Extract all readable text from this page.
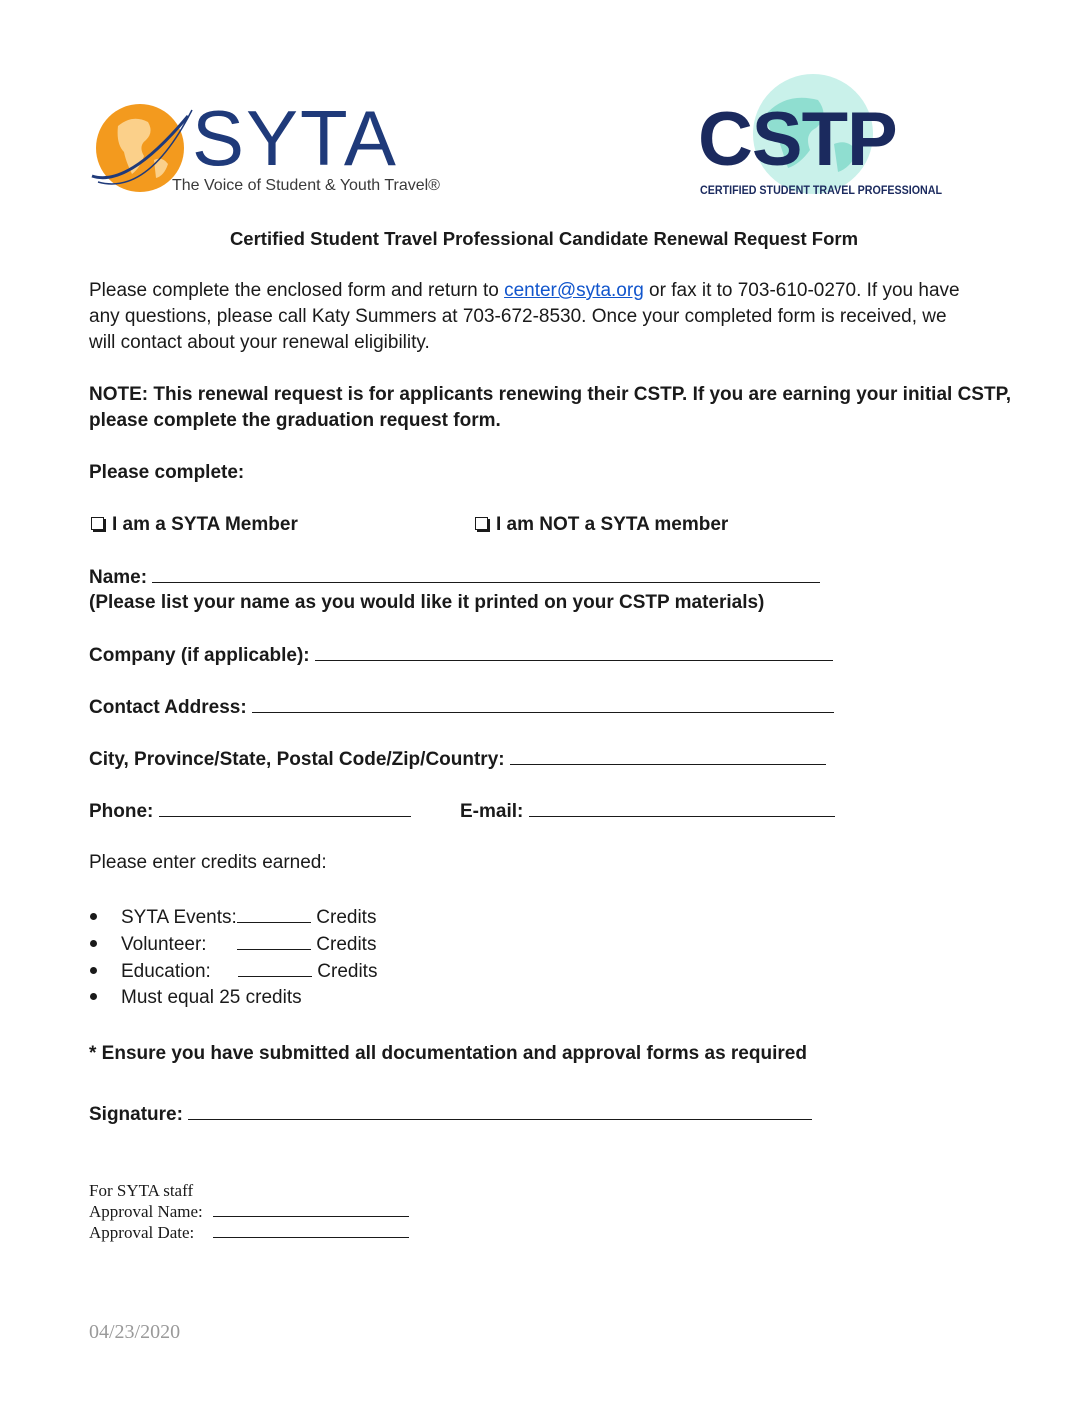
SYTA
The Voice of Student & Youth Travel®
CSTP
CERTIFIED STUDENT TRAVEL PROFESSIONAL
Certified Student Travel Professional Candidate Renewal Request Form
Please complete the enclosed form and return to center@syta.org or fax it to 703-610-0270. If you have
any questions, please call Katy Summers at 703-672-8530. Once your completed form is received, we
will contact about your renewal eligibility.
NOTE: This renewal request is for applicants renewing their CSTP. If you are earning your initial CSTP,
please complete the graduation request form.
Please complete:
I am a SYTA Member	I am NOT a SYTA member
Name:
(Please list your name as you would like it printed on your CSTP materials)
Company (if applicable):
Contact Address:
City, Province/State, Postal Code/Zip/Country:
Phone:	E-mail:
Please enter credits earned:
SYTA Events:	Credits
Volunteer:	Credits
Education:	Credits
Must equal 25 credits
* Ensure you have submitted all documentation and approval forms as required
Signature:
For SYTA staff
Approval Name:
Approval Date:
04/23/2020
